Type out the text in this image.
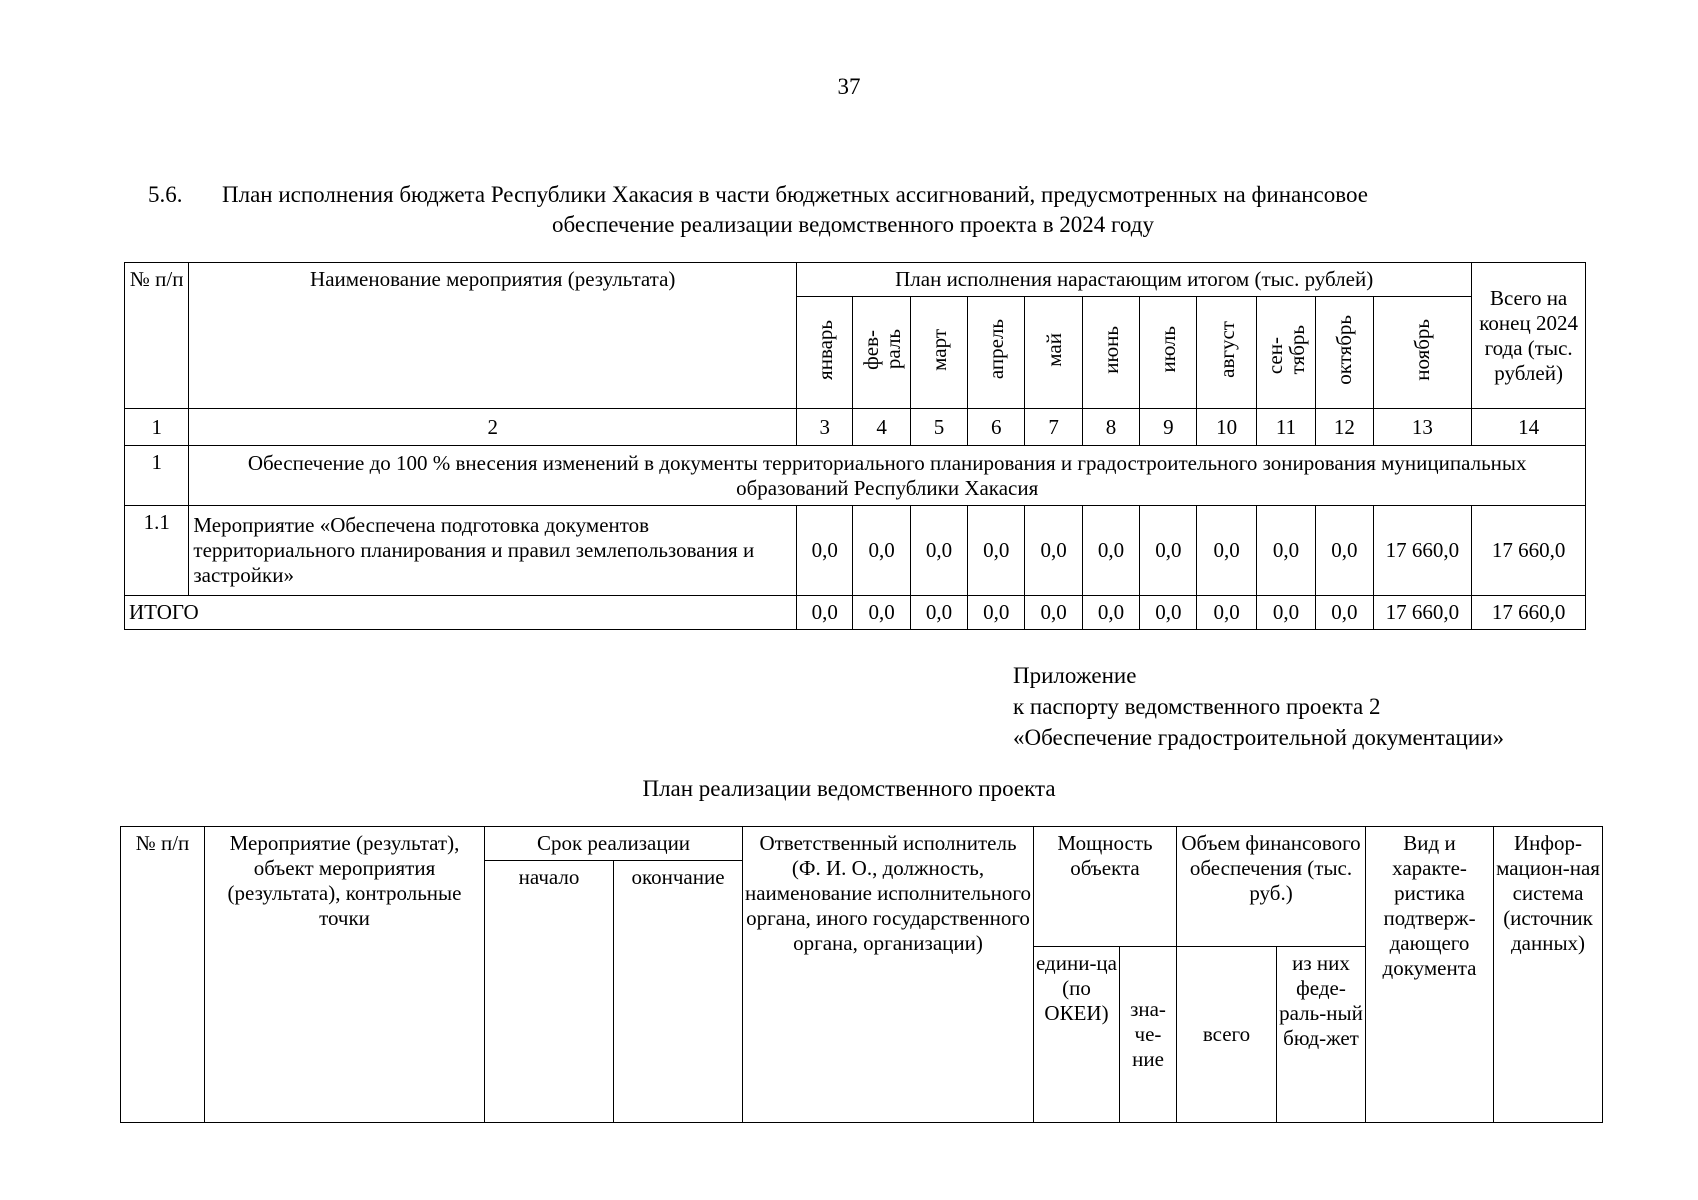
37
5.6. План исполнения бюджета Республики Хакасия в части бюджетных ассигнований, предусмотренных на финансовое
обеспечение реализации ведомственного проекта в 2024 году
№ п/п	Наименование мероприятия (результата)	План исполнения нарастающим итогом (тыс. рублей)											Всего на конец 2024 года (тыс. рублей)
		январь	фев-раль	март	апрель	май	июнь	июль	август	сен-тябрь	октябрь	ноябрь	
1	2	3	4	5	6	7	8	9	10	11	12	13	14
1	Обеспечение до 100 % внесения изменений в документы территориального планирования и градостроительного зонирования муниципальных образований Республики Хакасия												
1.1	Мероприятие «Обеспечена подготовка документов территориального планирования и правил землепользования и застройки»	0,0	0,0	0,0	0,0	0,0	0,0	0,0	0,0	0,0	0,0	17 660,0	17 660,0
ИТОГО		0,0	0,0	0,0	0,0	0,0	0,0	0,0	0,0	0,0	0,0	17 660,0	17 660,0
Приложение
к паспорту ведомственного проекта 2
«Обеспечение градостроительной документации»
План реализации ведомственного проекта
№ п/п	Мероприятие (результат), объект мероприятия (результата), контрольные точки	Срок реализации		Ответственный исполнитель (Ф. И. О., должность, наименование исполнительного органа, иного государственного органа, организации)	Мощность объекта		Объем финансового обеспечения (тыс. руб.)		Вид и характе-ристика подтверж-дающего документа	Инфор-мацион-ная система (источник данных)
		начало	окончание							
					едини-ца (по ОКЕИ)	зна-че-ние	всего	из них феде-раль-ный бюд-жет		
